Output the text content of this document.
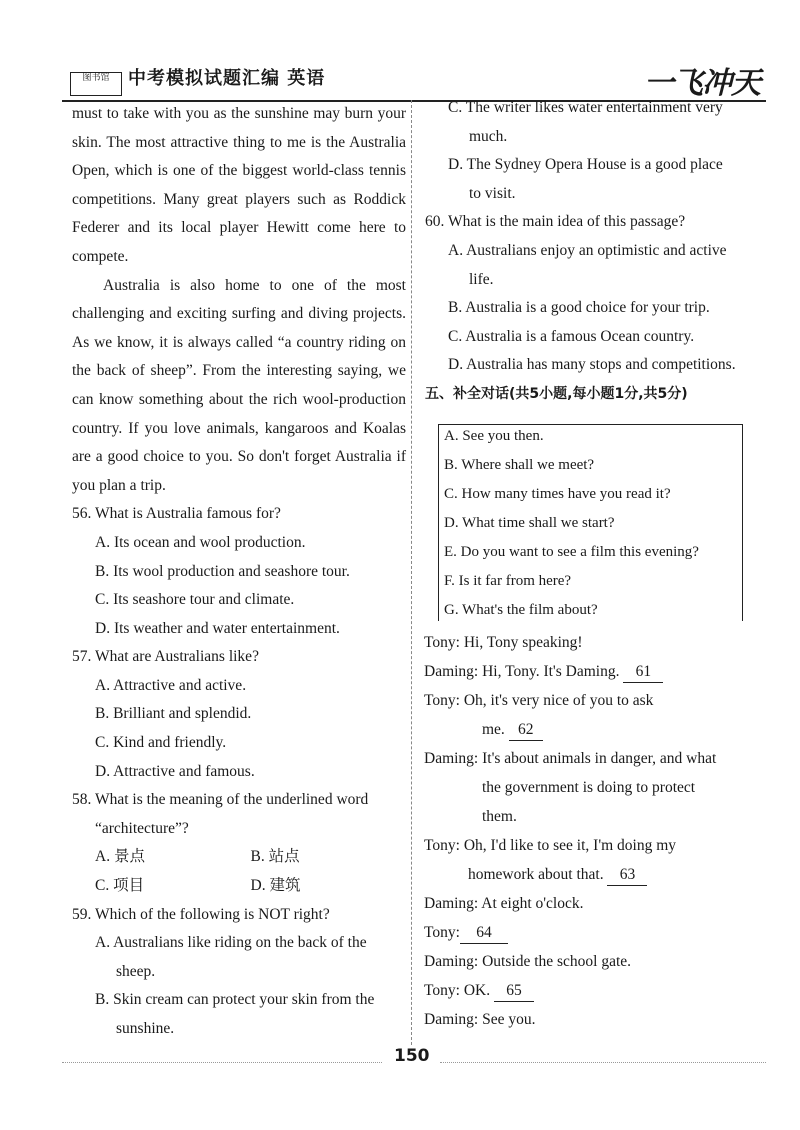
图书馆	中考模拟试题汇编 英语	一飞冲天

must to take with you as the sunshine may burn your skin. The most attractive thing to me is the Australia Open, which is one of the biggest world-class tennis competitions. Many great players such as Roddick Federer and its local player Hewitt come here to compete.

Australia is also home to one of the most challenging and exciting surfing and diving projects. As we know, it is always called “a country riding on the back of sheep”. From the interesting saying, we can know something about the rich wool-production country. If you love animals, kangaroos and Koalas are a good choice to you. So don't forget Australia if you plan a trip.

56. What is Australia famous for?

A. Its ocean and wool production.

B. Its wool production and seashore tour.

C. Its seashore tour and climate.

D. Its weather and water entertainment.

57. What are Australians like?

A. Attractive and active.

B. Brilliant and splendid.

C. Kind and friendly.

D. Attractive and famous.

58. What is the meaning of the underlined word

“architecture”?

A. 景点	B. 站点
C. 项目	D. 建筑

59. Which of the following is NOT right?

A. Australians like riding on the back of the

sheep.

B. Skin cream can protect your skin from the

sunshine.

C. The writer likes water entertainment very

much.

D. The Sydney Opera House is a good place

to visit.

60. What is the main idea of this passage?

A. Australians enjoy an optimistic and active

life.

B. Australia is a good choice for your trip.

C. Australia is a famous Ocean country.

D. Australia has many stops and competitions.

五、补全对话(共5小题,每小题1分,共5分)

A. See you then.
B. Where shall we meet?
C. How many times have you read it?
D. What time shall we start?
E. Do you want to see a film this evening?
F. Is it far from here?
G. What's the film about?

Tony: Hi, Tony speaking!

Daming: Hi, Tony. It's Daming. 61

Tony: Oh, it's very nice of you to ask

me. 62

Daming: It's about animals in danger, and what

the government is doing to protect

them.

Tony: Oh, I'd like to see it, I'm doing my

homework about that. 63

Daming: At eight o'clock.

Tony: 64

Daming: Outside the school gate.

Tony: OK. 65

Daming: See you.

150
